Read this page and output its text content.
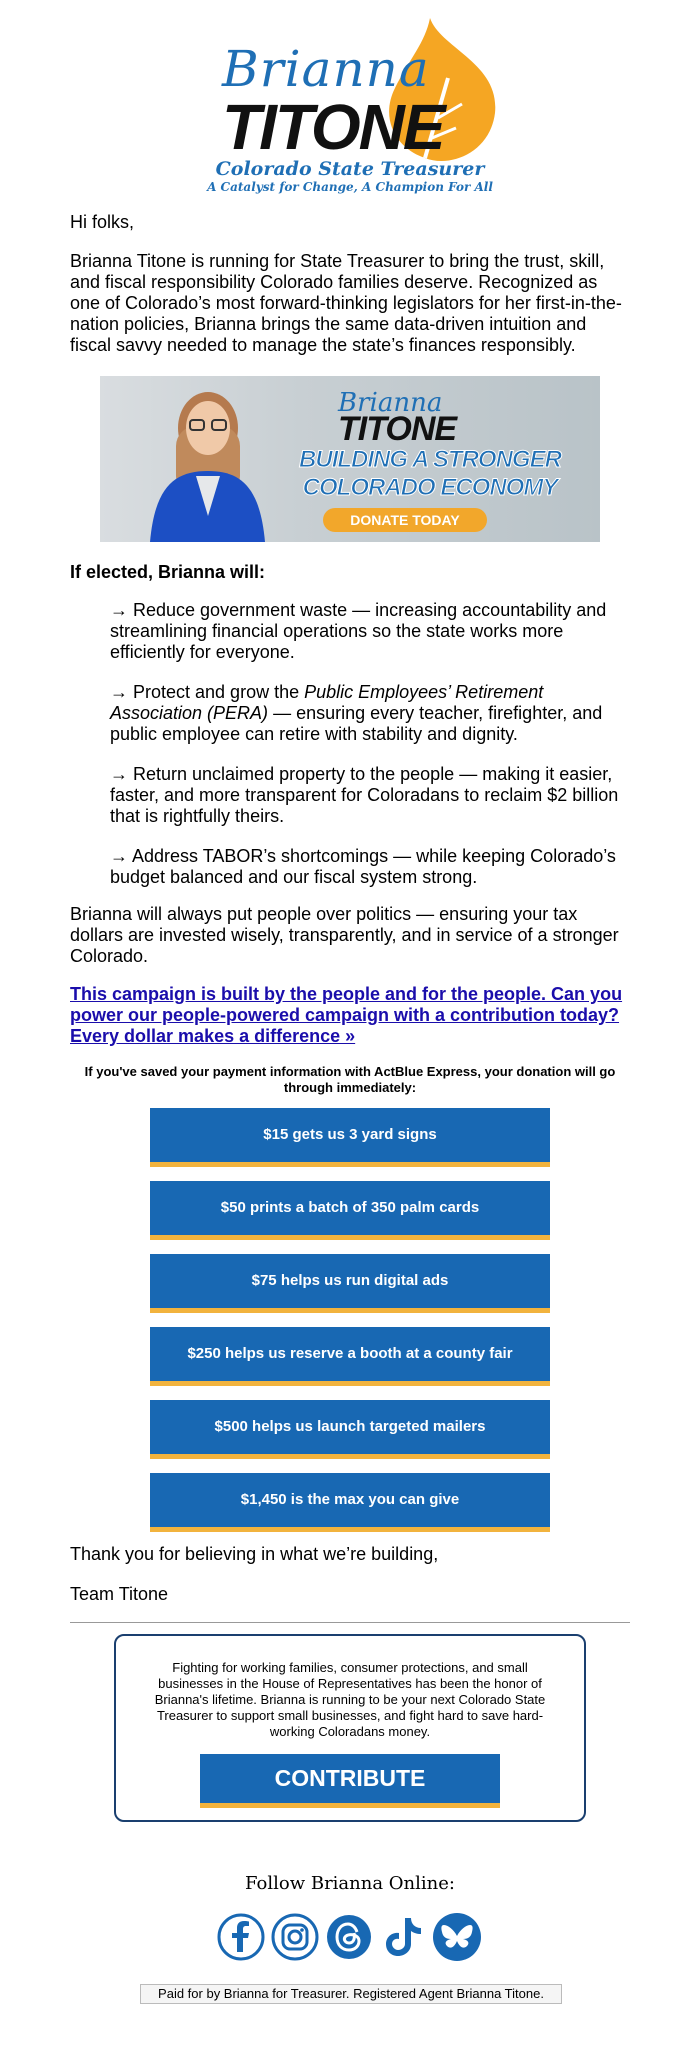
Brianna
TITONE
Colorado State Treasurer
A Catalyst for Change, A Champion For All
Hi folks,
Brianna Titone is running for State Treasurer to bring the trust, skill, and fiscal responsibility Colorado families deserve. Recognized as one of Colorado’s most forward-thinking legislators for her first-in-the-nation policies, Brianna brings the same data-driven intuition and fiscal savvy needed to manage the state’s finances responsibly.
Brianna
TITONE
BUILDING A STRONGER
COLORADO ECONOMY
DONATE TODAY
If elected, Brianna will:
→ Reduce government waste — increasing accountability and streamlining financial operations so the state works more efficiently for everyone.
→ Protect and grow the Public Employees’ Retirement Association (PERA) — ensuring every teacher, firefighter, and public employee can retire with stability and dignity.
→ Return unclaimed property to the people — making it easier, faster, and more transparent for Coloradans to reclaim $2 billion that is rightfully theirs.
→ Address TABOR’s shortcomings — while keeping Colorado’s budget balanced and our fiscal system strong.
Brianna will always put people over politics — ensuring your tax dollars are invested wisely, transparently, and in service of a stronger Colorado.
This campaign is built by the people and for the people. Can you power our people-powered campaign with a contribution today? Every dollar makes a difference »
If you've saved your payment information with ActBlue Express, your donation will go through immediately:
$15 gets us 3 yard signs
$50 prints a batch of 350 palm cards
$75 helps us run digital ads
$250 helps us reserve a booth at a county fair
$500 helps us launch targeted mailers
$1,450 is the max you can give
Thank you for believing in what we’re building,
Team Titone
Fighting for working families, consumer protections, and small businesses in the House of Representatives has been the honor of Brianna's lifetime. Brianna is running to be your next Colorado State Treasurer to support small businesses, and fight hard to save hard-working Coloradans money.
CONTRIBUTE
Follow Brianna Online:
Paid for by Brianna for Treasurer. Registered Agent Brianna Titone.
